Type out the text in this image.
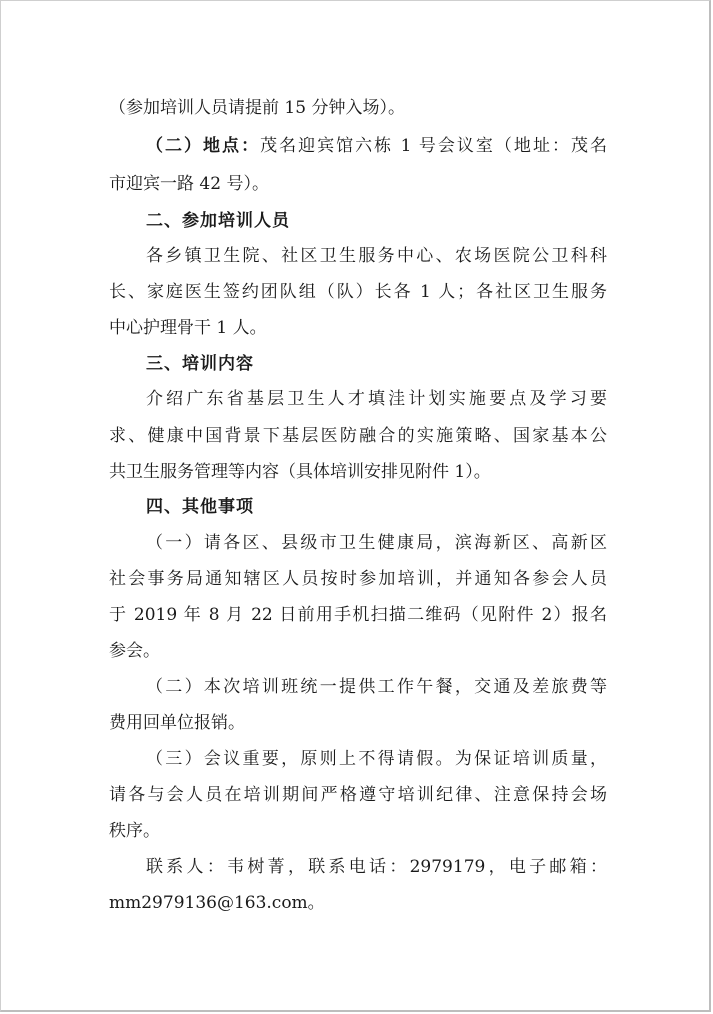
（参加培训人员请提前 15 分钟入场）。
（二）地点：茂名迎宾馆六栋 1 号会议室（地址：茂名
市迎宾一路 42 号）。
二、参加培训人员
各乡镇卫生院、社区卫生服务中心、农场医院公卫科科
长、家庭医生签约团队组（队）长各 1 人；各社区卫生服务
中心护理骨干 1 人。
三、培训内容
介绍广东省基层卫生人才填洼计划实施要点及学习要
求、健康中国背景下基层医防融合的实施策略、国家基本公
共卫生服务管理等内容（具体培训安排见附件 1）。
四、其他事项
（一）请各区、县级市卫生健康局，滨海新区、高新区
社会事务局通知辖区人员按时参加培训，并通知各参会人员
于 2019 年 8 月 22 日前用手机扫描二维码（见附件 2）报名
参会。
（二）本次培训班统一提供工作午餐，交通及差旅费等
费用回单位报销。
（三）会议重要，原则上不得请假。为保证培训质量，
请各与会人员在培训期间严格遵守培训纪律、注意保持会场
秩序。
联系人：韦树菁，联系电话：2979179，电子邮箱：
mm2979136@163.com。
